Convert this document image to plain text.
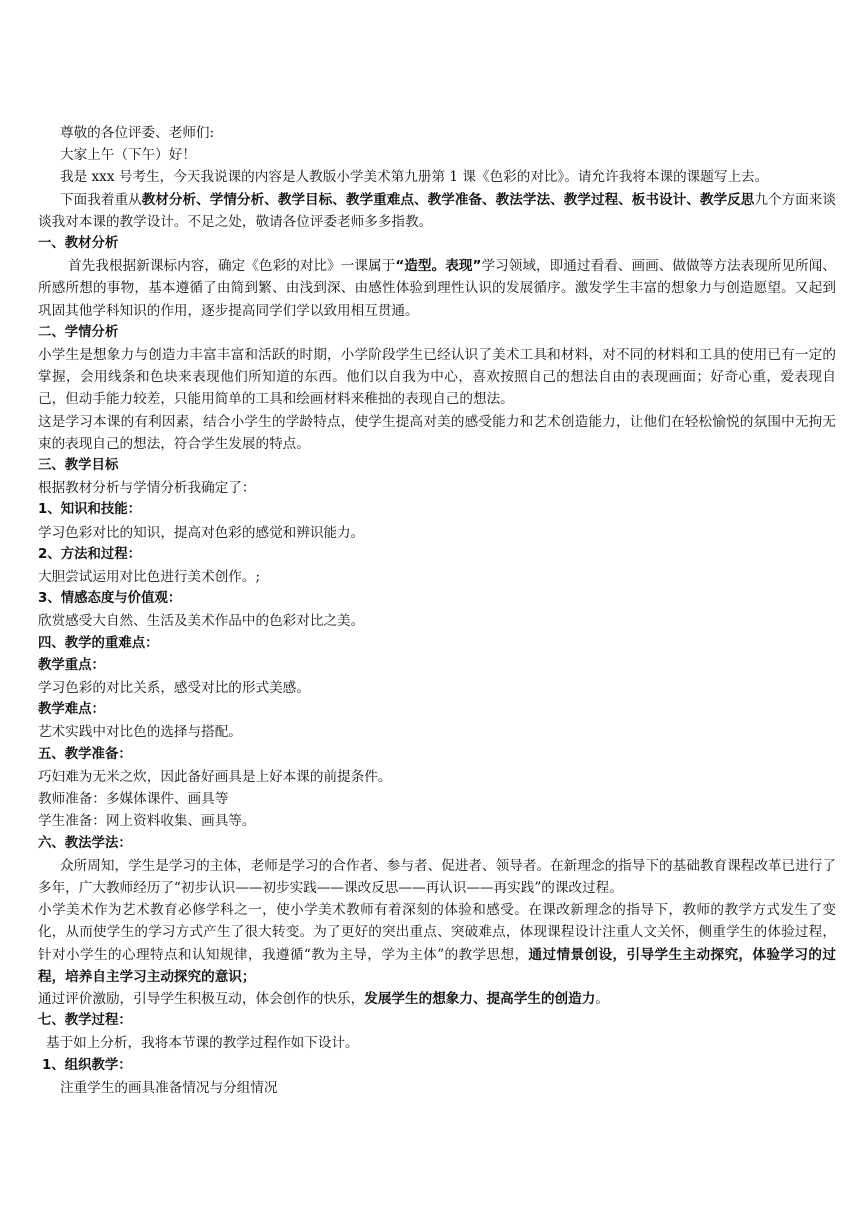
尊敬的各位评委、老师们:

大家上午（下午）好！

我是 xxx 号考生，今天我说课的内容是人教版小学美术第九册第 1 课《色彩的对比》。请允许我将本课的课题写上去。

下面我着重从教材分析、学情分析、教学目标、教学重难点、教学准备、教法学法、教学过程、板书设计、教学反思九个方面来谈谈我对本课的教学设计。不足之处，敬请各位评委老师多多指教。

一、教材分析

首先我根据新课标内容，确定《色彩的对比》一课属于“造型。表现”学习领域，即通过看看、画画、做做等方法表现所见所闻、所感所想的事物，基本遵循了由简到繁、由浅到深、由感性体验到理性认识的发展循序。激发学生丰富的想象力与创造愿望。又起到巩固其他学科知识的作用，逐步提高同学们学以致用相互贯通。

二、学情分析

小学生是想象力与创造力丰富丰富和活跃的时期，小学阶段学生已经认识了美术工具和材料，对不同的材料和工具的使用已有一定的掌握，会用线条和色块来表现他们所知道的东西。他们以自我为中心，喜欢按照自己的想法自由的表现画面；好奇心重，爱表现自己，但动手能力较差，只能用简单的工具和绘画材料来稚拙的表现自己的想法。

这是学习本课的有利因素，结合小学生的学龄特点，使学生提高对美的感受能力和艺术创造能力，让他们在轻松愉悦的氛围中无拘无束的表现自己的想法，符合学生发展的特点。

三、教学目标

根据教材分析与学情分析我确定了：

1、知识和技能：

学习色彩对比的知识，提高对色彩的感觉和辨识能力。

2、方法和过程：

大胆尝试运用对比色进行美术创作。;

3、情感态度与价值观：

欣赏感受大自然、生活及美术作品中的色彩对比之美。

四、教学的重难点：

教学重点：

学习色彩的对比关系，感受对比的形式美感。

教学难点：

艺术实践中对比色的选择与搭配。

五、教学准备：

巧妇难为无米之炊，因此备好画具是上好本课的前提条件。

教师准备：多媒体课件、画具等

学生准备：网上资料收集、画具等。

六、教法学法：

众所周知，学生是学习的主体，老师是学习的合作者、参与者、促进者、领导者。在新理念的指导下的基础教育课程改革已进行了多年，广大教师经历了“初步认识——初步实践——课改反思——再认识——再实践”的课改过程。

小学美术作为艺术教育必修学科之一，使小学美术教师有着深刻的体验和感受。在课改新理念的指导下，教师的教学方式发生了变化，从而使学生的学习方式产生了很大转变。为了更好的突出重点、突破难点，体现课程设计注重人文关怀，侧重学生的体验过程，针对小学生的心理特点和认知规律，我遵循“教为主导，学为主体”的教学思想，通过情景创设，引导学生主动探究，体验学习的过程，培养自主学习主动探究的意识；

通过评价激励，引导学生积极互动，体会创作的快乐，发展学生的想象力、提高学生的创造力。

七、教学过程：

基于如上分析，我将本节课的教学过程作如下设计。

1、组织教学：

注重学生的画具准备情况与分组情况
